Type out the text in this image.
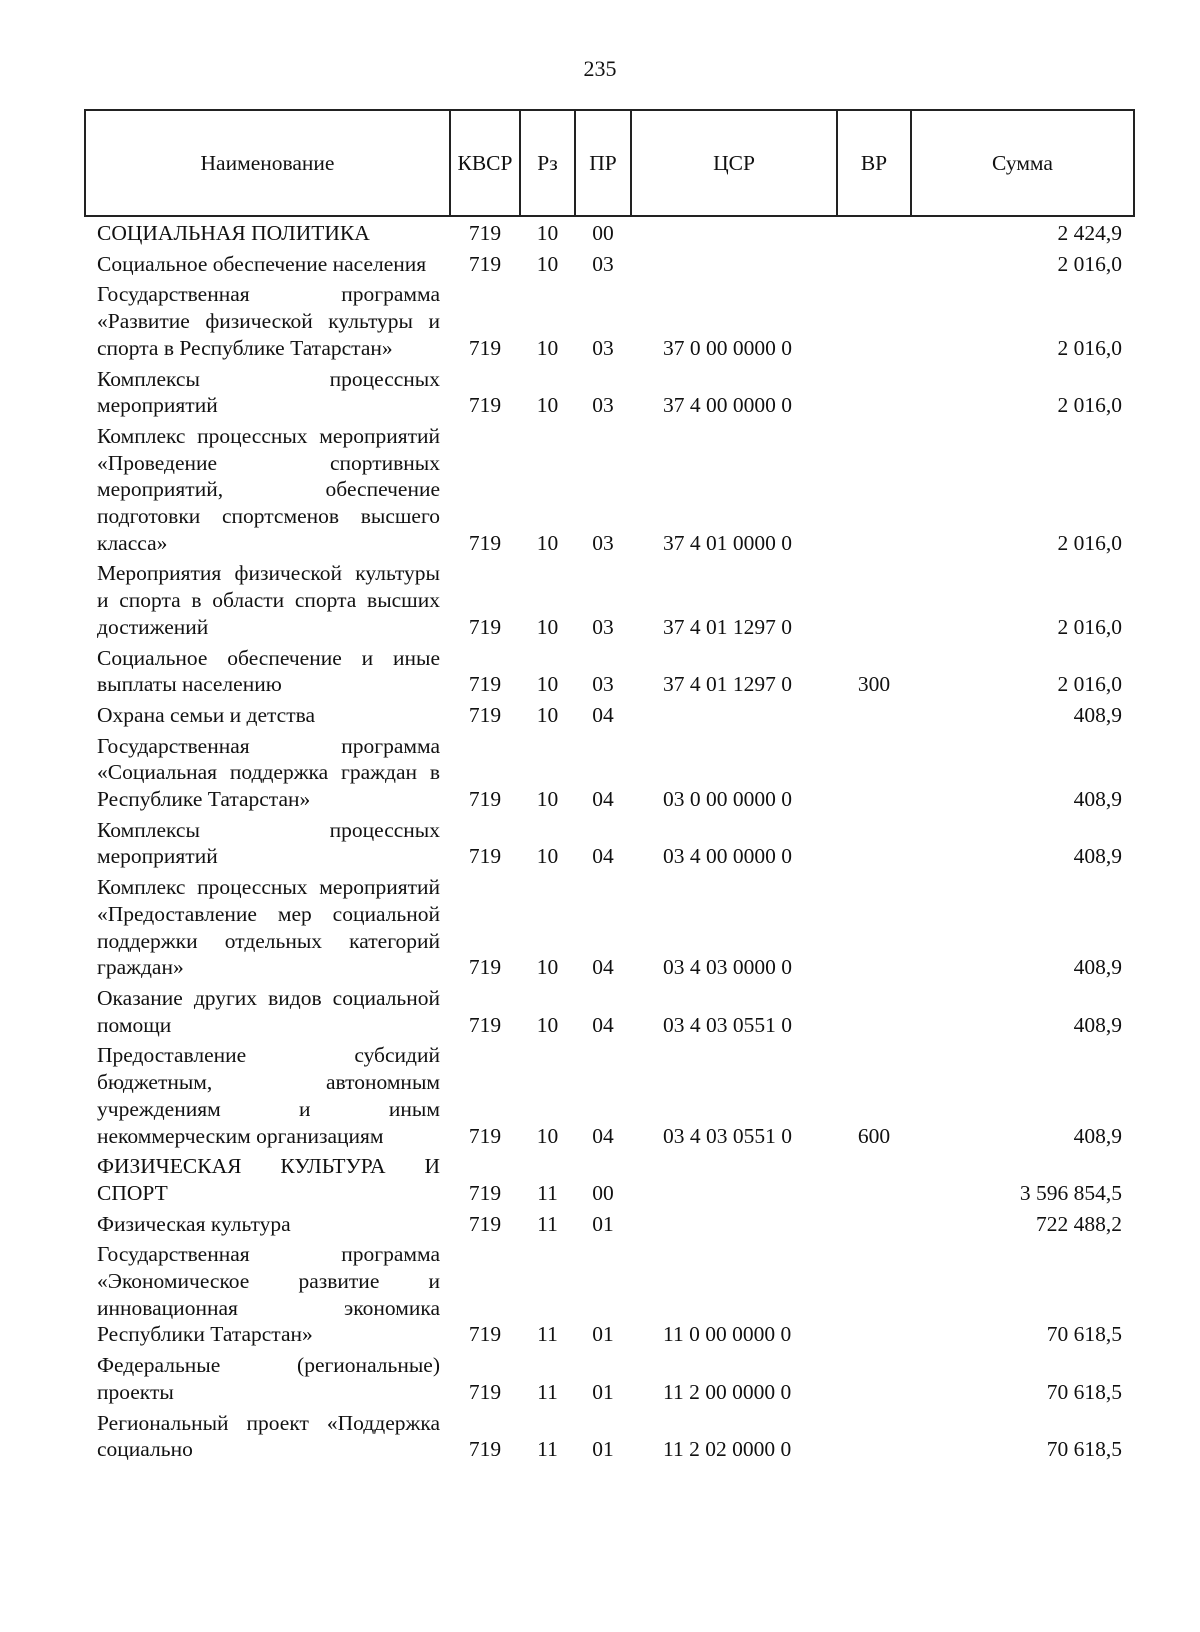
235
Наименование	КВСР	Рз	ПР	ЦСР	ВР	Сумма
СОЦИАЛЬНАЯ ПОЛИТИКА	719	10	00			2 424,9
Социальное обеспечение населения	719	10	03			2 016,0
Государственная программа «Развитие физической культуры и спорта в Республике Татарстан»	719	10	03	37 0 00 0000 0		2 016,0
Комплексы процессных мероприятий	719	10	03	37 4 00 0000 0		2 016,0
Комплекс процессных мероприятий «Проведение спортивных мероприятий, обеспечение подготовки спортсменов высшего класса»	719	10	03	37 4 01 0000 0		2 016,0
Мероприятия физической культуры и спорта в области спорта высших достижений	719	10	03	37 4 01 1297 0		2 016,0
Социальное обеспечение и иные выплаты населению	719	10	03	37 4 01 1297 0	300	2 016,0
Охрана семьи и детства	719	10	04			408,9
Государственная программа «Социальная поддержка граждан в Республике Татарстан»	719	10	04	03 0 00 0000 0		408,9
Комплексы процессных мероприятий	719	10	04	03 4 00 0000 0		408,9
Комплекс процессных мероприятий «Предоставление мер социальной поддержки отдельных категорий граждан»	719	10	04	03 4 03 0000 0		408,9
Оказание других видов социальной помощи	719	10	04	03 4 03 0551 0		408,9
Предоставление субсидий бюджетным, автономным учреждениям и иным некоммерческим организациям	719	10	04	03 4 03 0551 0	600	408,9
ФИЗИЧЕСКАЯ КУЛЬТУРА И СПОРТ	719	11	00			3 596 854,5
Физическая культура	719	11	01			722 488,2
Государственная программа «Экономическое развитие и инновационная экономика Республики Татарстан»	719	11	01	11 0 00 0000 0		70 618,5
Федеральные (региональные) проекты	719	11	01	11 2 00 0000 0		70 618,5
Региональный проект «Поддержка социально	719	11	01	11 2 02 0000 0		70 618,5
